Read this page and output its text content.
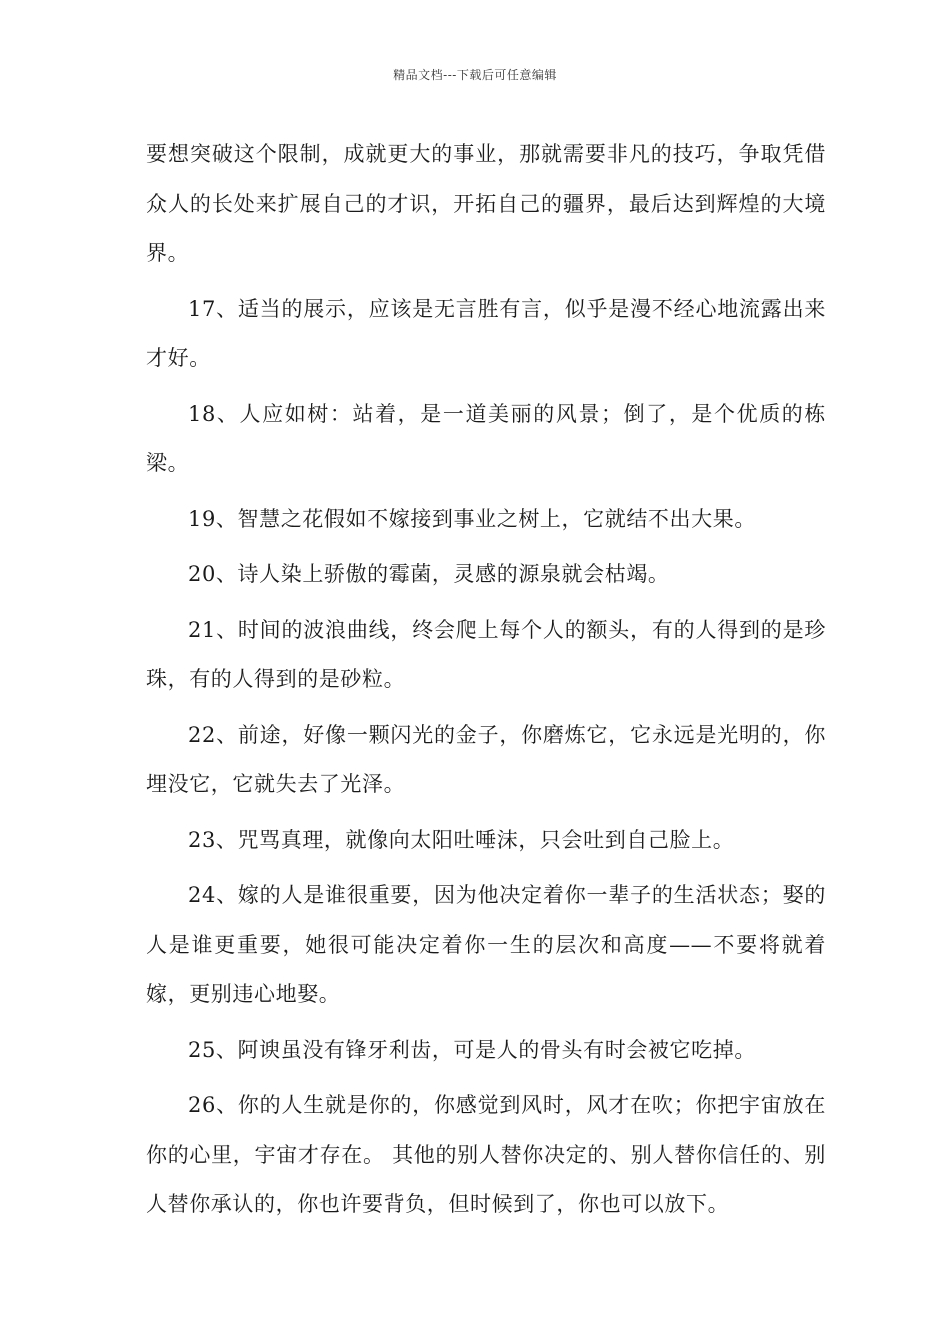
精品文档---下载后可任意编辑

要想突破这个限制，成就更大的事业，那就需要非凡的技巧，争取凭借众人的长处来扩展自己的才识，开拓自己的疆界，最后达到辉煌的大境界。

17、适当的展示，应该是无言胜有言，似乎是漫不经心地流露出来才好。

18、人应如树：站着，是一道美丽的风景；倒了，是个优质的栋梁。

19、智慧之花假如不嫁接到事业之树上，它就结不出大果。

20、诗人染上骄傲的霉菌，灵感的源泉就会枯竭。

21、时间的波浪曲线，终会爬上每个人的额头，有的人得到的是珍珠，有的人得到的是砂粒。

22、前途，好像一颗闪光的金子，你磨炼它，它永远是光明的，你埋没它，它就失去了光泽。

23、咒骂真理，就像向太阳吐唾沫，只会吐到自己脸上。

24、嫁的人是谁很重要，因为他决定着你一辈子的生活状态；娶的人是谁更重要，她很可能决定着你一生的层次和高度——不要将就着嫁，更别违心地娶。

25、阿谀虽没有锋牙利齿，可是人的骨头有时会被它吃掉。

26、你的人生就是你的，你感觉到风时，风才在吹；你把宇宙放在你的心里，宇宙才存在。 其他的别人替你决定的、别人替你信任的、别人替你承认的，你也许要背负，但时候到了，你也可以放下。
